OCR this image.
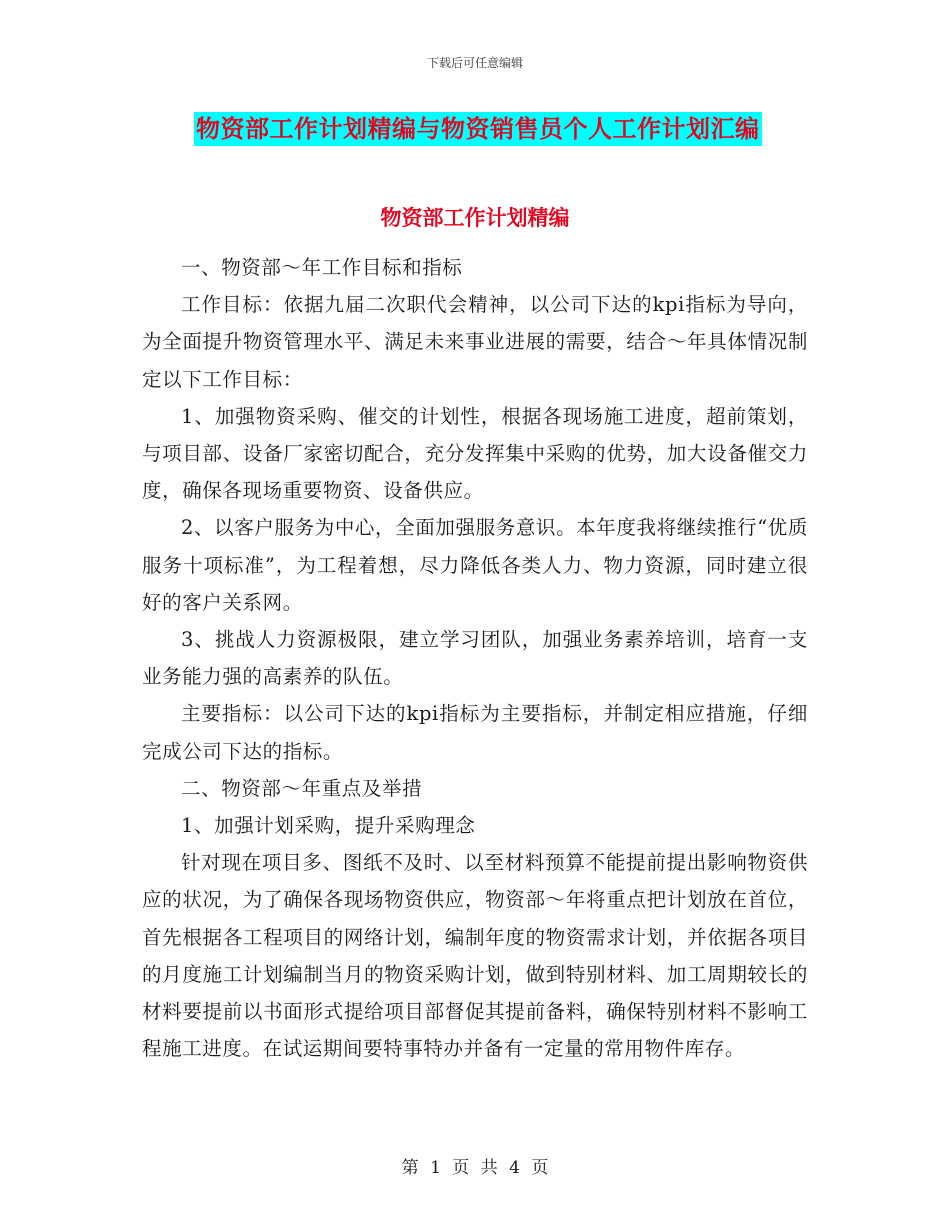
下载后可任意编辑
物资部工作计划精编与物资销售员个人工作计划汇编
物资部工作计划精编

一、物资部～年工作目标和指标

工作目标：依据九届二次职代会精神，以公司下达的kpi指标为导向，为全面提升物资管理水平、满足未来事业进展的需要，结合～年具体情况制定以下工作目标：

1、加强物资采购、催交的计划性，根据各现场施工进度，超前策划，与项目部、设备厂家密切配合，充分发挥集中采购的优势，加大设备催交力度，确保各现场重要物资、设备供应。

2、以客户服务为中心，全面加强服务意识。本年度我将继续推行“优质服务十项标准”，为工程着想，尽力降低各类人力、物力资源，同时建立很好的客户关系网。

3、挑战人力资源极限，建立学习团队，加强业务素养培训，培育一支业务能力强的高素养的队伍。

主要指标：以公司下达的kpi指标为主要指标，并制定相应措施，仔细完成公司下达的指标。

二、物资部～年重点及举措

1、加强计划采购，提升采购理念

针对现在项目多、图纸不及时、以至材料预算不能提前提出影响物资供应的状况，为了确保各现场物资供应，物资部～年将重点把计划放在首位，首先根据各工程项目的网络计划，编制年度的物资需求计划，并依据各项目的月度施工计划编制当月的物资采购计划，做到特别材料、加工周期较长的材料要提前以书面形式提给项目部督促其提前备料，确保特别材料不影响工程施工进度。在试运期间要特事特办并备有一定量的常用物件库存。

第 1 页 共 4 页
